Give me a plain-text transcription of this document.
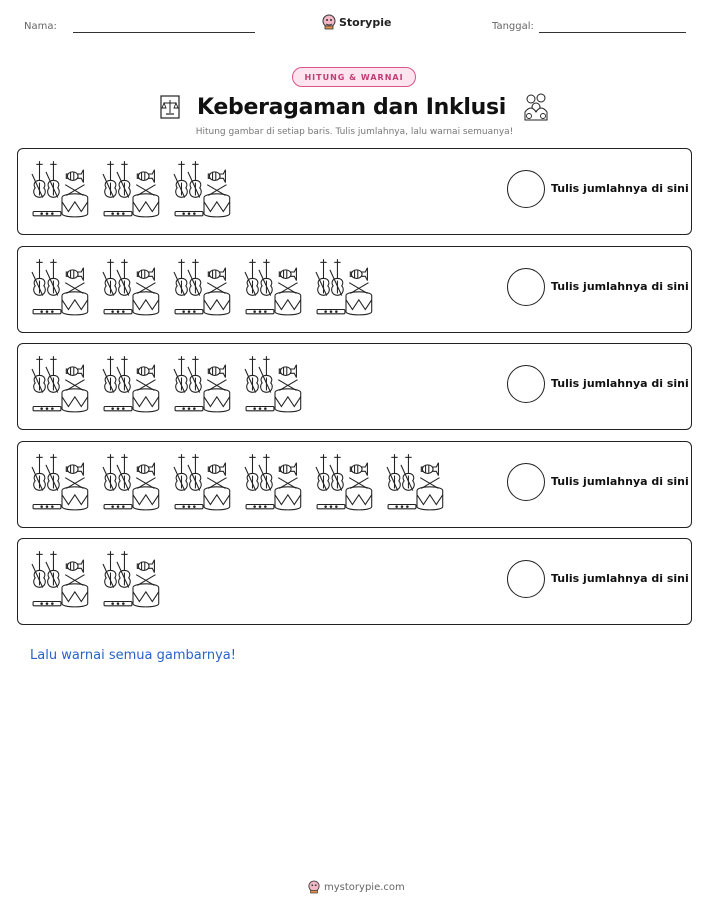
Nama:	Storypie	Tanggal:
HITUNG & WARNAI
Keberagaman dan Inklusi
Hitung gambar di setiap baris. Tulis jumlahnya, lalu warnai semuanya!
Tulis jumlahnya di sini
Tulis jumlahnya di sini
Tulis jumlahnya di sini
Tulis jumlahnya di sini
Tulis jumlahnya di sini
Lalu warnai semua gambarnya!
mystorypie.com
